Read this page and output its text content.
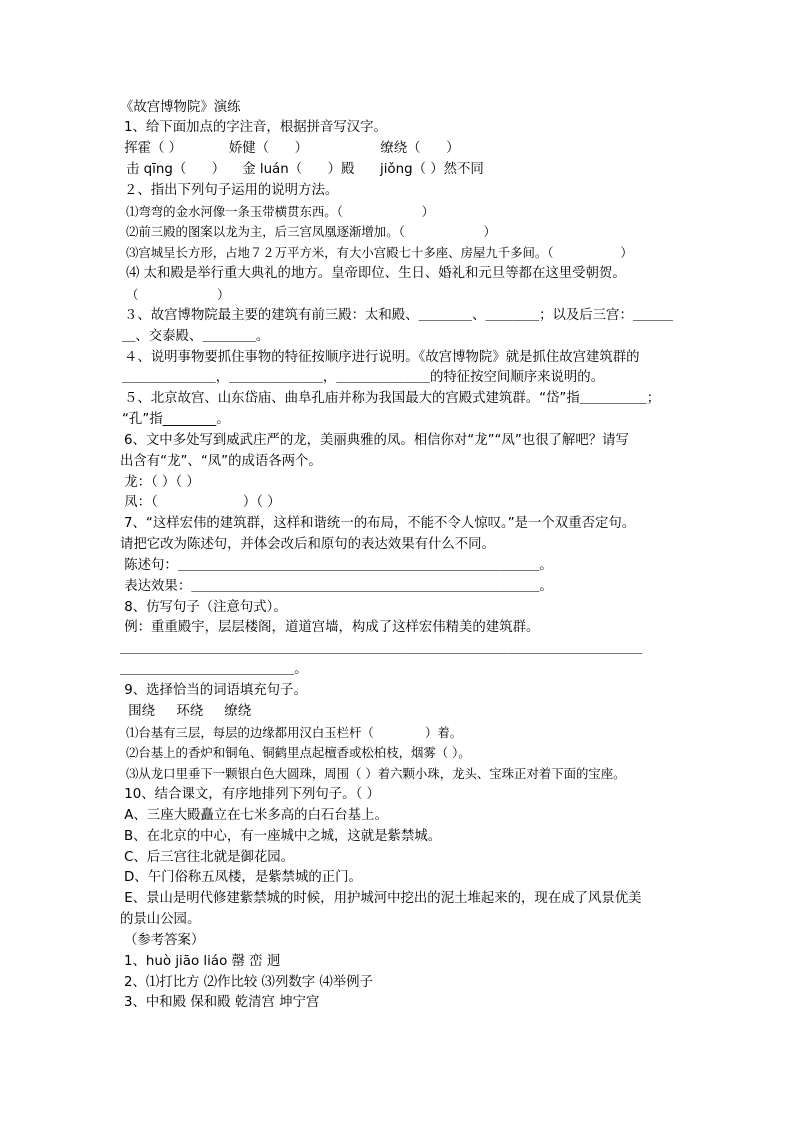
《故宫博物院》演练
1、给下面加点的字注音，根据拼音写汉字。
挥霍（ ）           娇健（      ）                 缭绕（      ）
击 qīng（      ）    金 luán（      ）殿      jiǒng（ ）然不同
２、指出下列句子运用的说明方法。
⑴弯弯的金水河像一条玉带横贯东西。（                    ）
⑵前三殿的图案以龙为主，后三宫凤凰逐渐增加。（                    ）
⑶宫城呈长方形，占地７２万平方米，有大小宫殿七十多座、房屋九千多间。（                 ）
⑷ 太和殿是举行重大典礼的地方。皇帝即位、生日、婚礼和元旦等都在这里受朝贺。
（                    ）
３、故宫博物院最主要的建筑有前三殿：太和殿、＿＿＿＿、＿＿＿＿；以及后三宫：＿＿＿
＿、交泰殿、＿＿＿＿。
４、说明事物要抓住事物的特征按顺序进行说明。《故宫博物院》就是抓住故宫建筑群的
＿＿＿＿＿＿＿，＿＿＿＿＿＿＿，＿＿＿＿＿＿＿的特征按空间顺序来说明的。
５、北京故宫、山东岱庙、曲阜孔庙并称为我国最大的宫殿式建筑群。“岱”指＿＿＿＿＿；
“孔”指________。
6、文中多处写到威武庄严的龙，美丽典雅的凤。相信你对“龙”“凤”也很了解吧？请写
出含有“龙”、“凤”的成语各两个。
龙：（ ）（ ）
凤：（                    ）（ ）
7、“这样宏伟的建筑群，这样和谐统一的布局，不能不令人惊叹。”是一个双重否定句。
请把它改为陈述句，并体会改后和原句的表达效果有什么不同。
陈述句：＿＿＿＿＿＿＿＿＿＿＿＿＿＿＿＿＿＿＿＿＿＿＿＿＿＿＿。
表达效果：＿＿＿＿＿＿＿＿＿＿＿＿＿＿＿＿＿＿＿＿＿＿＿＿＿＿。
8、仿写句子（注意句式）。
例：重重殿宇，层层楼阁，道道宫墙，构成了这样宏伟精美的建筑群。
＿＿＿＿＿＿＿＿＿＿＿＿＿＿＿＿＿＿＿＿＿＿＿＿＿＿＿＿＿＿＿＿＿＿＿＿＿＿＿
＿＿＿＿＿＿＿＿＿＿＿＿＿。
9、选择恰当的词语填充句子。
围绕     环绕     缭绕
⑴台基有三层，每层的边缘都用汉白玉栏杆（             ）着。
⑵台基上的香炉和铜龟、铜鹤里点起檀香或松柏枝，烟雾（ ）。
⑶从龙口里垂下一颗银白色大圆珠，周围（ ）着六颗小珠，龙头、宝珠正对着下面的宝座。
10、结合课文，有序地排列下列句子。（ ）
A、三座大殿矗立在七米多高的白石台基上。
B、在北京的中心，有一座城中之城，这就是紫禁城。
C、后三宫往北就是御花园。
D、午门俗称五凤楼，是紫禁城的正门。
E、景山是明代修建紫禁城的时候，用护城河中挖出的泥土堆起来的，现在成了风景优美
的景山公园。
（参考答案）
1、huò jiāo liáo 罄 峦 迥
2、⑴打比方 ⑵作比较 ⑶列数字 ⑷举例子
3、中和殿 保和殿 乾清宫 坤宁宫
